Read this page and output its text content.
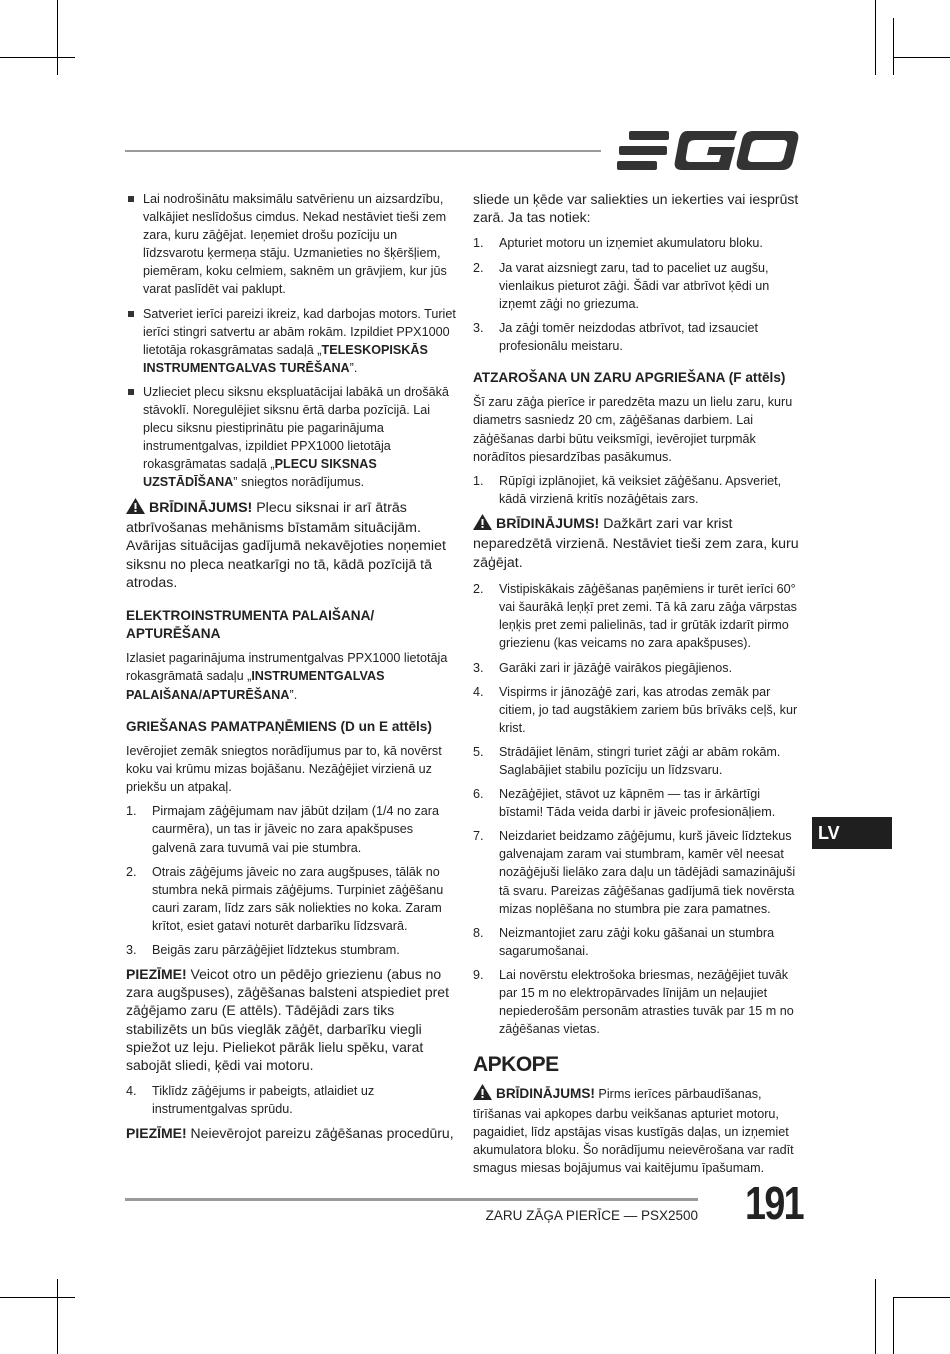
Lai nodrošinātu maksimālu satvērienu un aizsardzību, valkājiet neslīdošus cimdus. Nekad nestāviet tieši zem zara, kuru zāģējat. Ieņemiet drošu pozīciju un līdzsvarotu ķermeņa stāju. Uzmanieties no šķēršļiem, piemēram, koku celmiem, saknēm un grāvjiem, kur jūs varat paslīdēt vai paklupt.
Satveriet ierīci pareizi ikreiz, kad darbojas motors. Turiet ierīci stingri satvertu ar abām rokām. Izpildiet PPX1000 lietotāja rokasgrāmatas sadaļā „TELESKOPISKĀS INSTRUMENTGALVAS TURĒŠANA”.
Uzlieciet plecu siksnu ekspluatācijai labākā un drošākā stāvoklī. Noregulējiet siksnu ērtā darba pozīcijā. Lai plecu siksnu piestiprinātu pie pagarinājuma instrumentgalvas, izpildiet PPX1000 lietotāja rokasgrāmatas sadaļā „PLECU SIKSNAS UZSTĀDĪŠANA” sniegtos norādījumus.
BRĪDINĀJUMS! Plecu siksnai ir arī ātrās atbrīvošanas mehānisms bīstamām situācijām. Avārijas situācijas gadījumā nekavējoties noņemiet siksnu no pleca neatkarīgi no tā, kādā pozīcijā tā atrodas.
ELEKTROINSTRUMENTA PALAIŠANA/ APTURĒŠANA
Izlasiet pagarinājuma instrumentgalvas PPX1000 lietotāja rokasgrāmatā sadaļu „INSTRUMENTGALVAS PALAIŠANA/APTURĒŠANA”.
GRIEŠANAS PAMATPAŅĒMIENS (D un E attēls)
Ievērojiet zemāk sniegtos norādījumus par to, kā novērst koku vai krūmu mizas bojāšanu. Nezāģējiet virzienā uz priekšu un atpakaļ.
1. Pirmajam zāģējumam nav jābūt dziļam (1/4 no zara caurmēra), un tas ir jāveic no zara apakšpuses galvenā zara tuvumā vai pie stumbra.
2. Otrais zāģējums jāveic no zara augšpuses, tālāk no stumbra nekā pirmais zāģējums. Turpiniet zāģēšanu cauri zaram, līdz zars sāk noliekties no koka. Zaram krītot, esiet gatavi noturēt darbarīku līdzsvarā.
3. Beigās zaru pārzāģējiet līdztekus stumbram.
PIEZĪME! Veicot otro un pēdējo griezienu (abus no zara augšpuses), zāģēšanas balsteni atspiediet pret zāģējamo zaru (E attēls). Tādējādi zars tiks stabilizēts un būs vieglāk zāģēt, darbarīku viegli spiežot uz leju. Pieliekot pārāk lielu spēku, varat sabojāt sliedi, ķēdi vai motoru.
4. Tiklīdz zāģējums ir pabeigts, atlaidiet uz instrumentgalvas sprūdu.
PIEZĪME! Neievērojot pareizu zāģēšanas procedūru,
sliede un ķēde var saliekties un iekerties vai iesprūst zarā. Ja tas notiek:
1. Apturiet motoru un izņemiet akumulatoru bloku.
2. Ja varat aizsniegt zaru, tad to paceliet uz augšu, vienlaikus pieturot zāģi. Šādi var atbrīvot ķēdi un izņemt zāģi no griezuma.
3. Ja zāģi tomēr neizdodas atbrīvot, tad izsauciet profesionālu meistaru.
ATZAROŠANA UN ZARU APGRIEŠANA (F attēls)
Šī zaru zāģa pierīce ir paredzēta mazu un lielu zaru, kuru diametrs sasniedz 20 cm, zāģēšanas darbiem. Lai zāģēšanas darbi būtu veiksmīgi, ievērojiet turpmāk norādītos piesardzības pasākumus.
1. Rūpīgi izplānojiet, kā veiksiet zāģēšanu. Apsveriet, kādā virzienā kritīs nozāģētais zars.
BRĪDINĀJUMS! Dažkārt zari var krist neparedzētā virzienā. Nestāviet tieši zem zara, kuru zāģējat.
2. Vistipiskākais zāģēšanas paņēmiens ir turēt ierīci 60° vai šaurākā leņķī pret zemi. Tā kā zaru zāģa vārpstas leņķis pret zemi palielinās, tad ir grūtāk izdarīt pirmo griezienu (kas veicams no zara apakšpuses).
3. Garāki zari ir jāzāģē vairākos piegājienos.
4. Vispirms ir jānozāģē zari, kas atrodas zemāk par citiem, jo tad augstākiem zariem būs brīvāks ceļš, kur krist.
5. Strādājiet lēnām, stingri turiet zāģi ar abām rokām. Saglabājiet stabilu pozīciju un līdzsvaru.
6. Nezāģējiet, stāvot uz kāpnēm — tas ir ārkārtīgi bīstami! Tāda veida darbi ir jāveic profesionāļiem.
7. Neizdariet beidzamo zāģējumu, kurš jāveic līdztekus galvenajam zaram vai stumbram, kamēr vēl neesat nozāģējuši lielāko zara daļu un tādējādi samazinājuši tā svaru. Pareizas zāģēšanas gadījumā tiek novērsta mizas noplēšana no stumbra pie zara pamatnes.
8. Neizmantojiet zaru zāģi koku gāšanai un stumbra sagarumošanai.
9. Lai novērstu elektrošoka briesmas, nezāģējiet tuvāk par 15 m no elektropārvades līnijām un neļaujiet nepiederošām personām atrasties tuvāk par 15 m no zāģēšanas vietas.
APKOPE
BRĪDINĀJUMS! Pirms ierīces pārbaudīšanas, tīrīšanas vai apkopes darbu veikšanas apturiet motoru, pagaidiet, līdz apstājas visas kustīgās daļas, un izņemiet akumulatora bloku. Šo norādījumu neievērošana var radīt smagus miesas bojājumus vai kaitējumu īpašumam.
LV
ZARU ZĀĢA PIERĪCE — PSX2500 191
